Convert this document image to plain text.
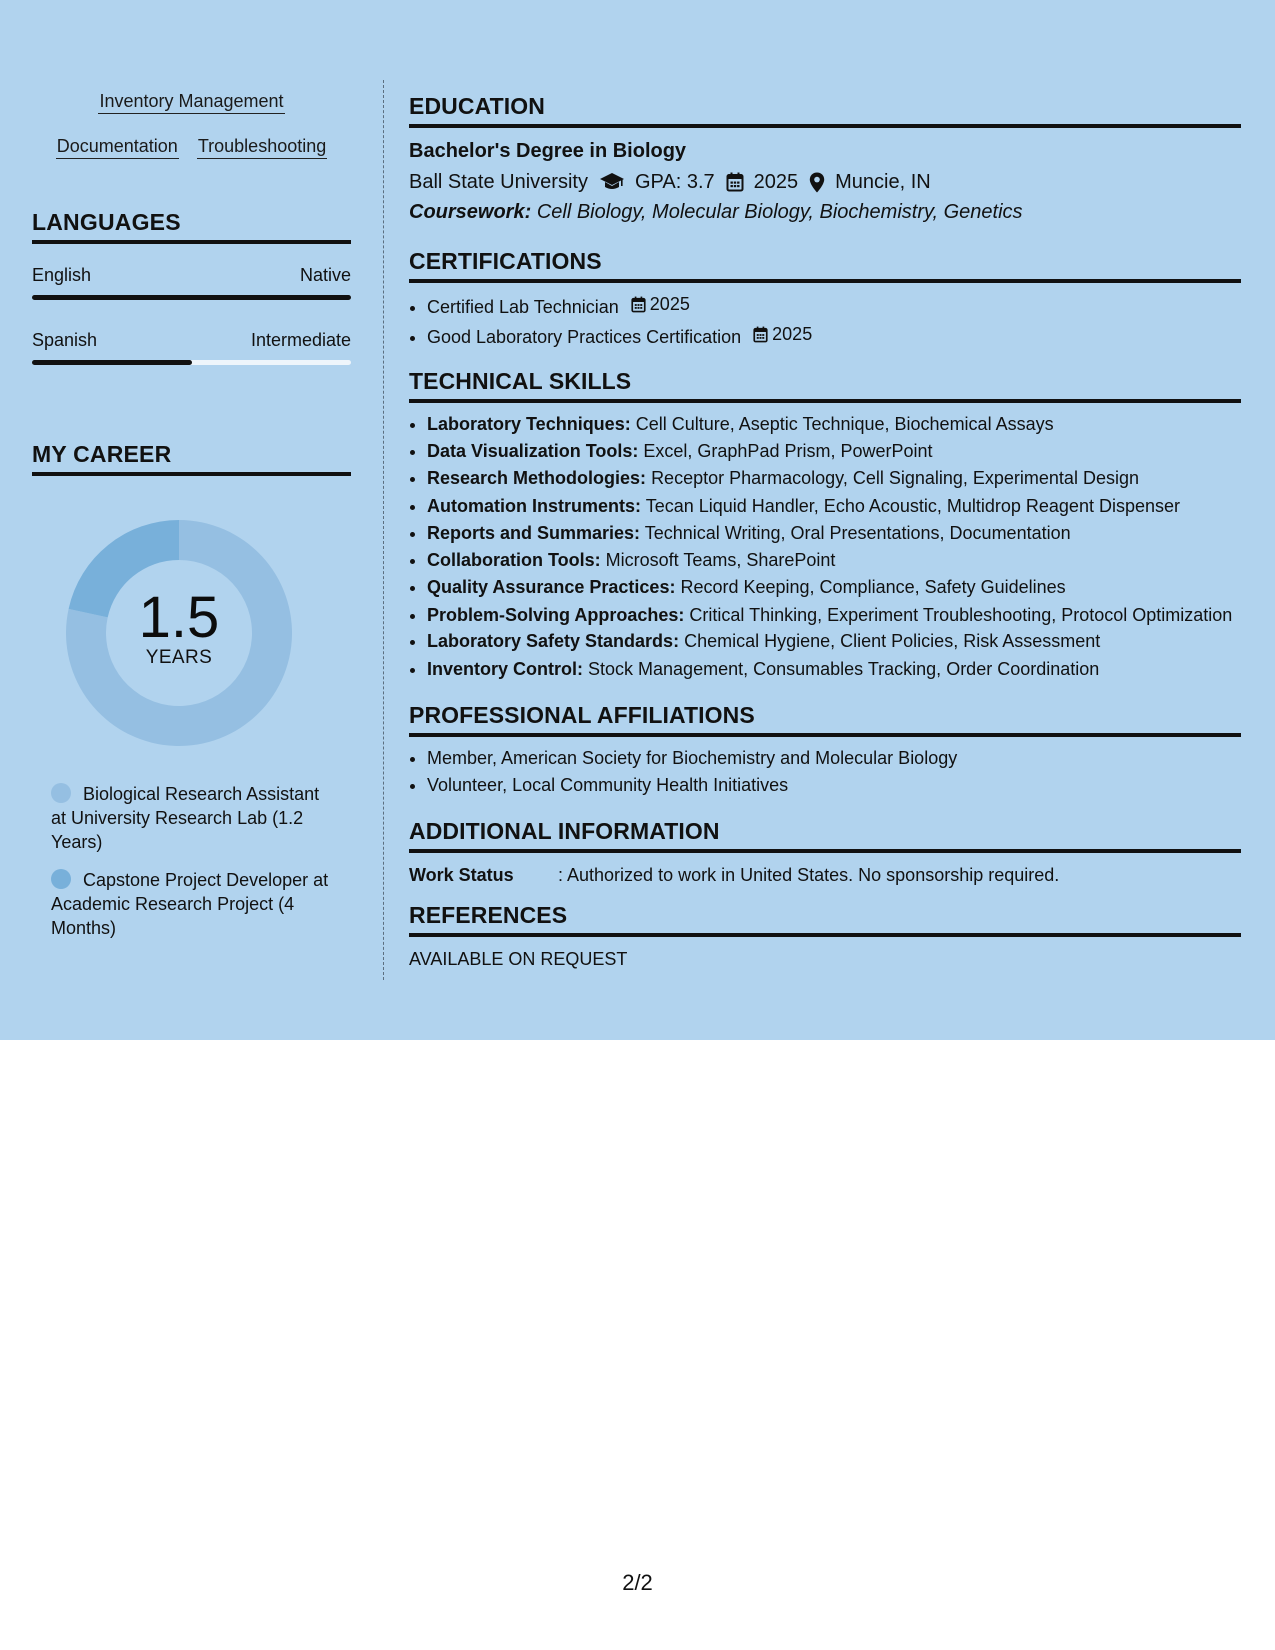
Inventory Management
Documentation Troubleshooting
LANGUAGES
English	Native
Spanish	Intermediate
MY CAREER
1.5
YEARS
Biological Research Assistant at University Research Lab (1.2 Years)
Capstone Project Developer at Academic Research Project (4 Months)
EDUCATION
Bachelor's Degree in Biology
Ball State University GPA: 3.7 2025 Muncie, IN
Coursework: Cell Biology, Molecular Biology, Biochemistry, Genetics
CERTIFICATIONS
• Certified Lab Technician 2025
• Good Laboratory Practices Certification 2025
TECHNICAL SKILLS
• Laboratory Techniques: Cell Culture, Aseptic Technique, Biochemical Assays
• Data Visualization Tools: Excel, GraphPad Prism, PowerPoint
• Research Methodologies: Receptor Pharmacology, Cell Signaling, Experimental Design
• Automation Instruments: Tecan Liquid Handler, Echo Acoustic, Multidrop Reagent Dispenser
• Reports and Summaries: Technical Writing, Oral Presentations, Documentation
• Collaboration Tools: Microsoft Teams, SharePoint
• Quality Assurance Practices: Record Keeping, Compliance, Safety Guidelines
• Problem-Solving Approaches: Critical Thinking, Experiment Troubleshooting, Protocol Optimization
• Laboratory Safety Standards: Chemical Hygiene, Client Policies, Risk Assessment
• Inventory Control: Stock Management, Consumables Tracking, Order Coordination
PROFESSIONAL AFFILIATIONS
• Member, American Society for Biochemistry and Molecular Biology
• Volunteer, Local Community Health Initiatives
ADDITIONAL INFORMATION
Work Status	: Authorized to work in United States. No sponsorship required.
REFERENCES
AVAILABLE ON REQUEST
2/2
